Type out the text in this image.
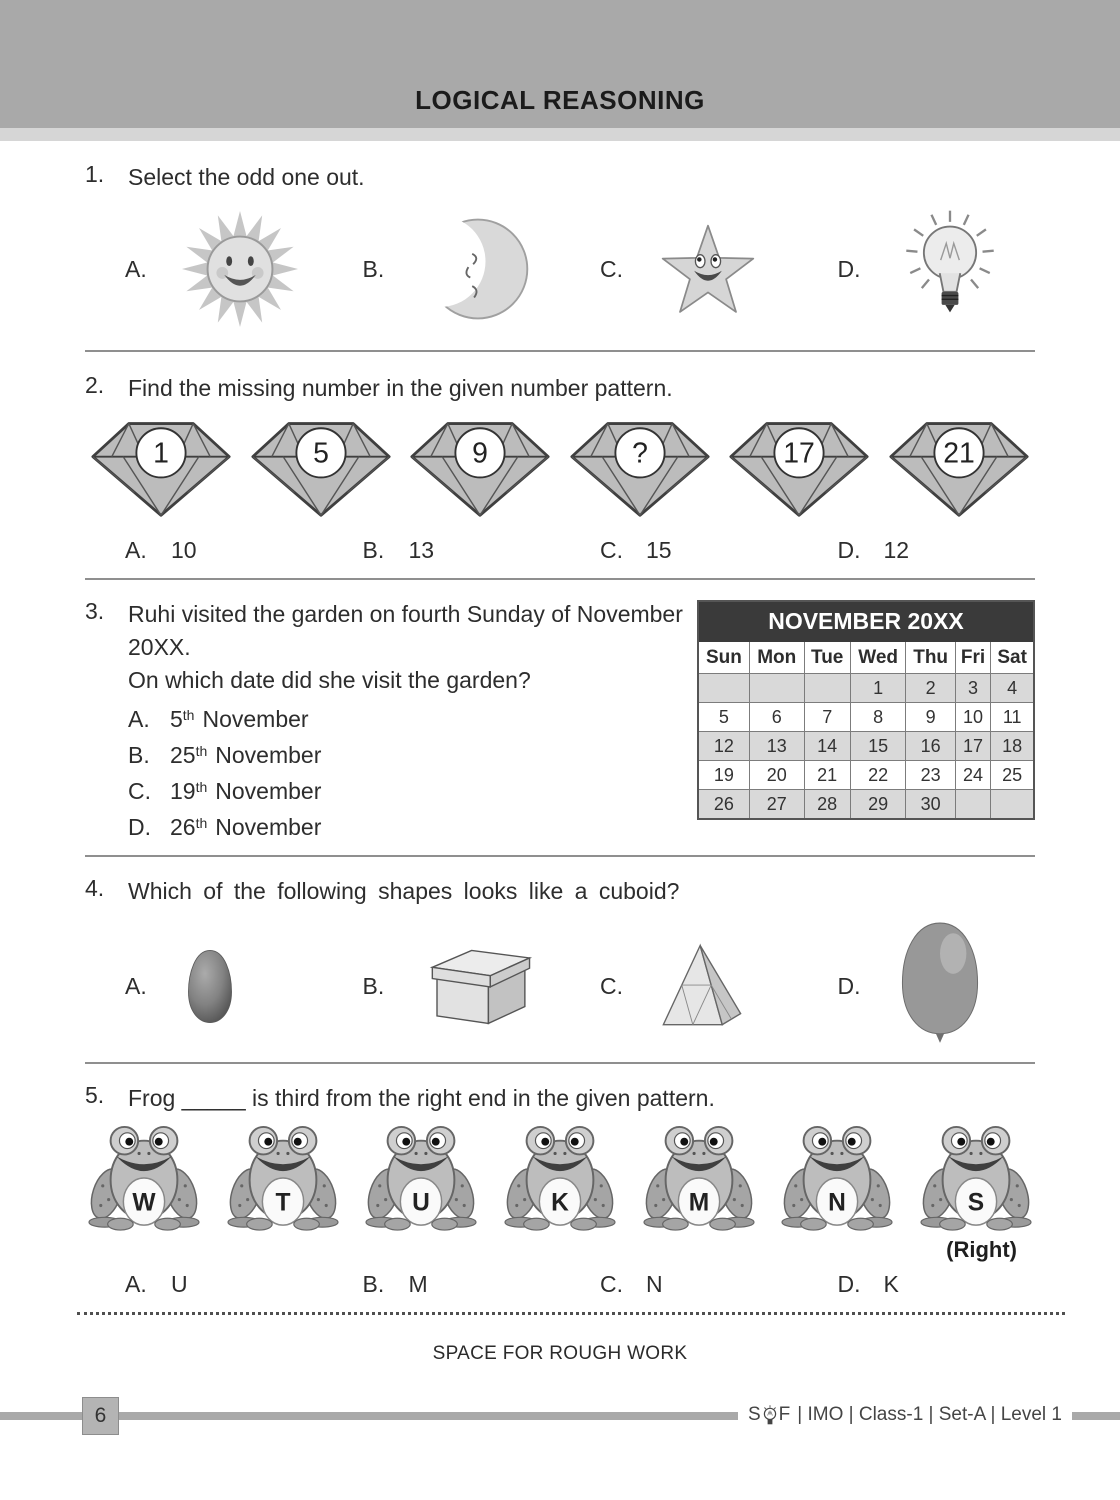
LOGICAL REASONING
1.	Select the odd one out.
A.	B.	C.	D.
2.	Find the missing number in the given number pattern.
1	5	9	?	17	21
A.	10	B.	13	C.	15	D.	12
3.	Ruhi visited the garden on fourth Sunday of November 20XX.
On which date did she visit the garden?
A. 5th November
B. 25th November
C. 19th November
D. 26th November
NOVEMBER 20XX						
Sun	Mon	Tue	Wed	Thu	Fri	Sat
			1	2	3	4
5	6	7	8	9	10	11
12	13	14	15	16	17	18
19	20	21	22	23	24	25
26	27	28	29	30		
4.	Which of the following shapes looks like a cuboid?
A.	B.	C.	D.
5.	Frog _____ is third from the right end in the given pattern.
W	T	U	K	M	N	S
(Right)
A.	U	B.	M	C.	N	D.	K
SPACE FOR ROUGH WORK
6	S F | IMO | Class-1 | Set-A | Level 1
